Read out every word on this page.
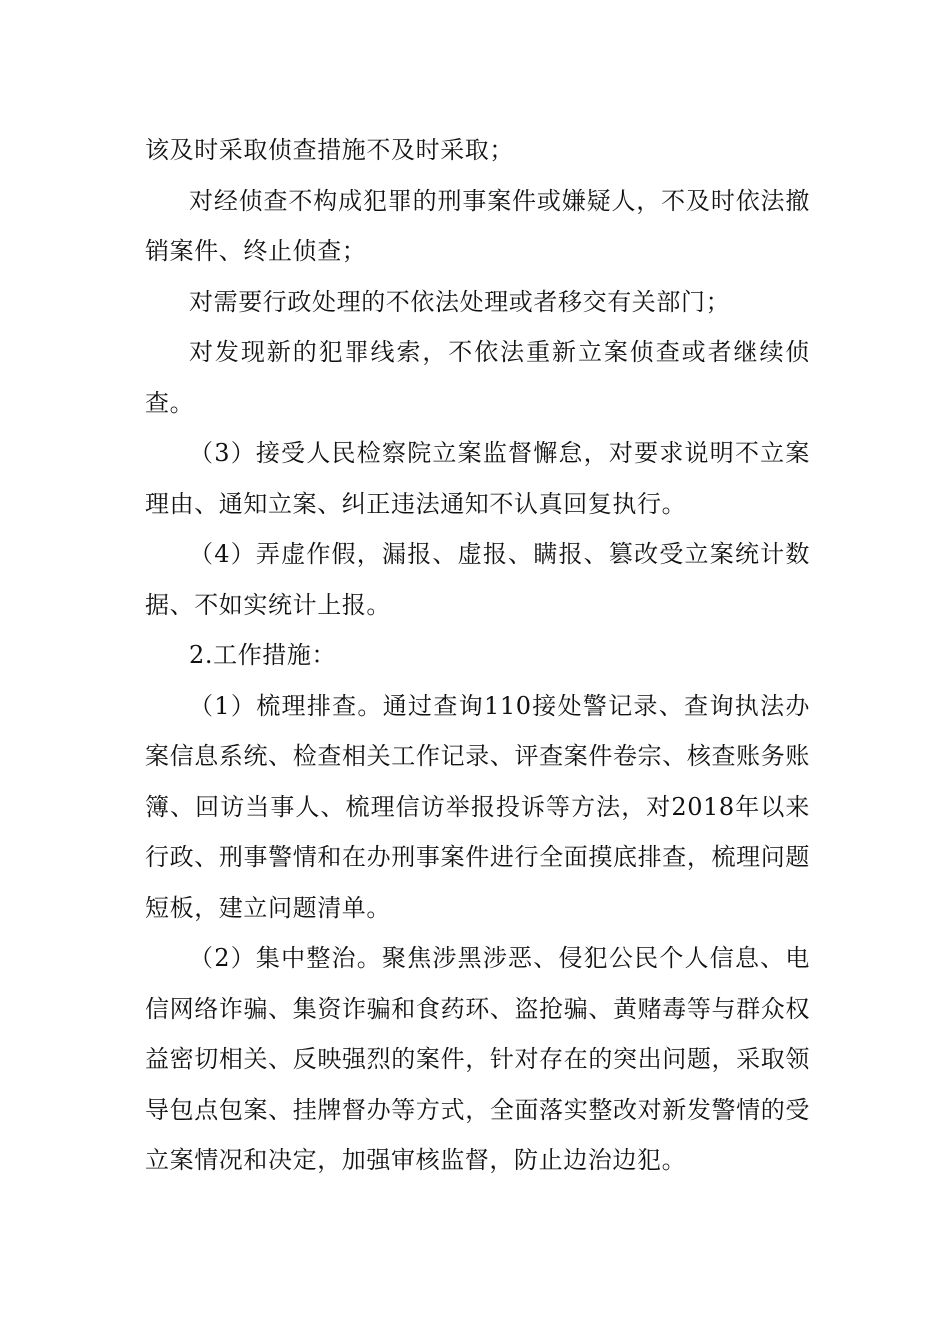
该及时采取侦查措施不及时采取；

对经侦查不构成犯罪的刑事案件或嫌疑人，不及时依法撤销案件、终止侦查；

对需要行政处理的不依法处理或者移交有关部门；

对发现新的犯罪线索，不依法重新立案侦查或者继续侦查。

（3）接受人民检察院立案监督懈怠，对要求说明不立案理由、通知立案、纠正违法通知不认真回复执行。

（4）弄虚作假，漏报、虚报、瞒报、篡改受立案统计数据、不如实统计上报。

2.工作措施：

（1）梳理排查。通过查询110接处警记录、查询执法办案信息系统、检查相关工作记录、评查案件卷宗、核查账务账簿、回访当事人、梳理信访举报投诉等方法，对2018年以来行政、刑事警情和在办刑事案件进行全面摸底排查，梳理问题短板，建立问题清单。

（2）集中整治。聚焦涉黑涉恶、侵犯公民个人信息、电信网络诈骗、集资诈骗和食药环、盗抢骗、黄赌毒等与群众权益密切相关、反映强烈的案件，针对存在的突出问题，采取领导包点包案、挂牌督办等方式，全面落实整改对新发警情的受立案情况和决定，加强审核监督，防止边治边犯。
